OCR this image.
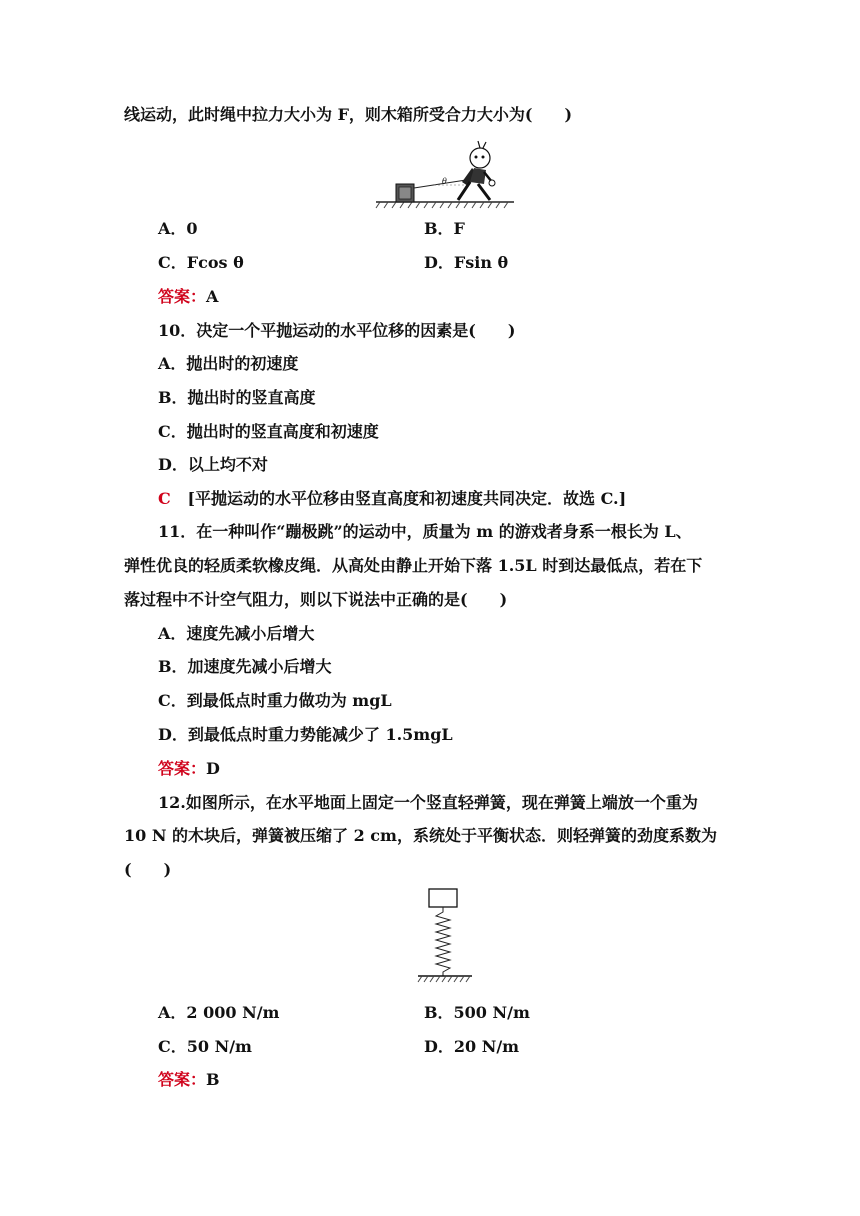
线运动，此时绳中拉力大小为 F，则木箱所受合力大小为(　　)
θ
A．0	B．F
C．Fcos θ	D．Fsin θ
答案：A
10．决定一个平抛运动的水平位移的因素是(　　)
A．抛出时的初速度
B．抛出时的竖直高度
C．抛出时的竖直高度和初速度
D．以上均不对
C [平抛运动的水平位移由竖直高度和初速度共同决定．故选 C.]
11．在一种叫作“蹦极跳”的运动中，质量为 m 的游戏者身系一根长为 L、
弹性优良的轻质柔软橡皮绳．从高处由静止开始下落 1.5L 时到达最低点，若在下
落过程中不计空气阻力，则以下说法中正确的是(　　)
A．速度先减小后增大
B．加速度先减小后增大
C．到最低点时重力做功为 mgL
D．到最低点时重力势能减少了 1.5mgL
答案：D
12.如图所示，在水平地面上固定一个竖直轻弹簧，现在弹簧上端放一个重为
10 N 的木块后，弹簧被压缩了 2 cm，系统处于平衡状态．则轻弹簧的劲度系数为
(　　)
A．2 000 N/m	B．500 N/m
C．50 N/m	D．20 N/m
答案：B
